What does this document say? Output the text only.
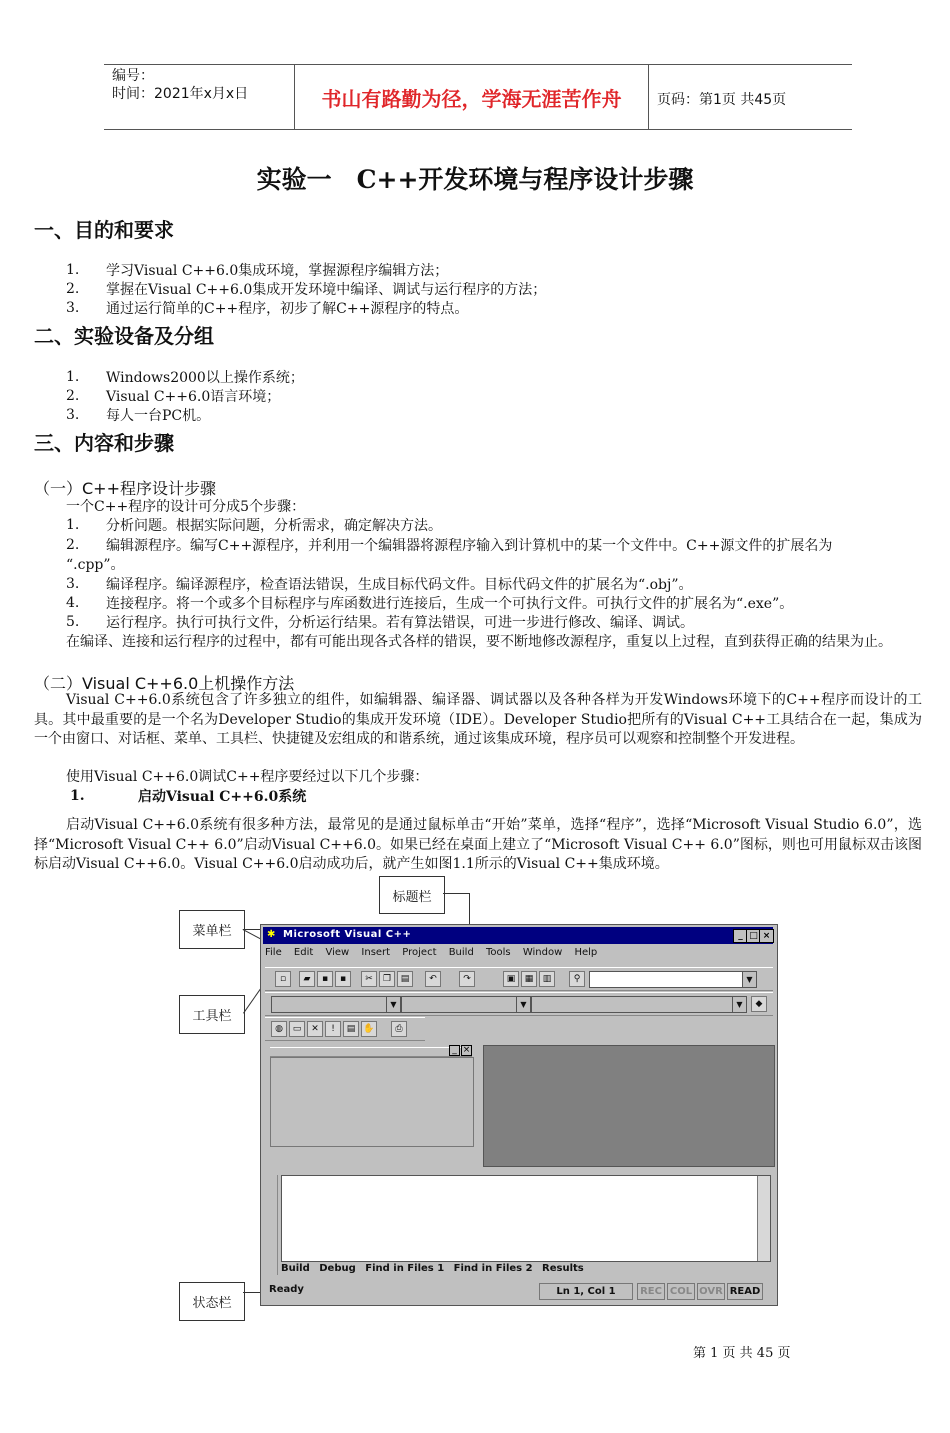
编号：
时间：2021年x月x日	书山有路勤为径，学海无涯苦作舟	页码：第1页 共45页
实验一　C++开发环境与程序设计步骤
一、目的和要求
1. 学习Visual C++6.0集成环境，掌握源程序编辑方法；
2. 掌握在Visual C++6.0集成开发环境中编译、调试与运行程序的方法；
3. 通过运行简单的C++程序，初步了解C++源程序的特点。
二、实验设备及分组
1. Windows2000以上操作系统；
2. Visual C++6.0语言环境；
3. 每人一台PC机。
三、内容和步骤
（一）C++程序设计步骤
一个C++程序的设计可分成5个步骤：
1. 分析问题。根据实际问题，分析需求，确定解决方法。
2. 编辑源程序。编写C++源程序，并利用一个编辑器将源程序输入到计算机中的某一个文件中。C++源文件的扩展名为
“.cpp”。
3. 编译程序。编译源程序，检查语法错误，生成目标代码文件。目标代码文件的扩展名为“.obj”。
4. 连接程序。将一个或多个目标程序与库函数进行连接后，生成一个可执行文件。可执行文件的扩展名为“.exe”。
5. 运行程序。执行可执行文件，分析运行结果。若有算法错误，可进一步进行修改、编译、调试。
在编译、连接和运行程序的过程中，都有可能出现各式各样的错误，要不断地修改源程序，重复以上过程，直到获得正确的结果为止。
（二）Visual C++6.0上机操作方法
Visual C++6.0系统包含了许多独立的组件，如编辑器、编译器、调试器以及各种各样为开发Windows环境下的C++程序而设计的工具。其中最重要的是一个名为Developer Studio的集成开发环境（IDE）。Developer Studio把所有的Visual C++工具结合在一起，集成为一个由窗口、对话框、菜单、工具栏、快捷键及宏组成的和谐系统，通过该集成环境，程序员可以观察和控制整个开发进程。
使用Visual C++6.0调试C++程序要经过以下几个步骤：
1.	启动Visual C++6.0系统
启动Visual C++6.0系统有很多种方法，最常见的是通过鼠标单击“开始”菜单，选择“程序”，选择“Microsoft Visual Studio 6.0”，选择“Microsoft Visual C++ 6.0”启动Visual C++6.0。如果已经在桌面上建立了“Microsoft Visual C++ 6.0”图标，则也可用鼠标双击该图标启动Visual C++6.0。Visual C++6.0启动成功后，就产生如图1.1所示的Visual C++集成环境。
标题栏
菜单栏
工具栏
状态栏
✱ Microsoft Visual C++	_ □ ×
File Edit View Insert Project Build Tools Window Help
▫	▰	▪	▪	✂	❐	▤	↶	↷	▣	▦	▥	⚲	▼
▼	▼	▼	◆
◍	▭	✕	!	▤ ✋	⎙
_ ×
Build Debug Find in Files 1 Find in Files 2 Results
Ready	Ln 1, Col 1	REC COL OVR READ
第 1 页 共 45 页
